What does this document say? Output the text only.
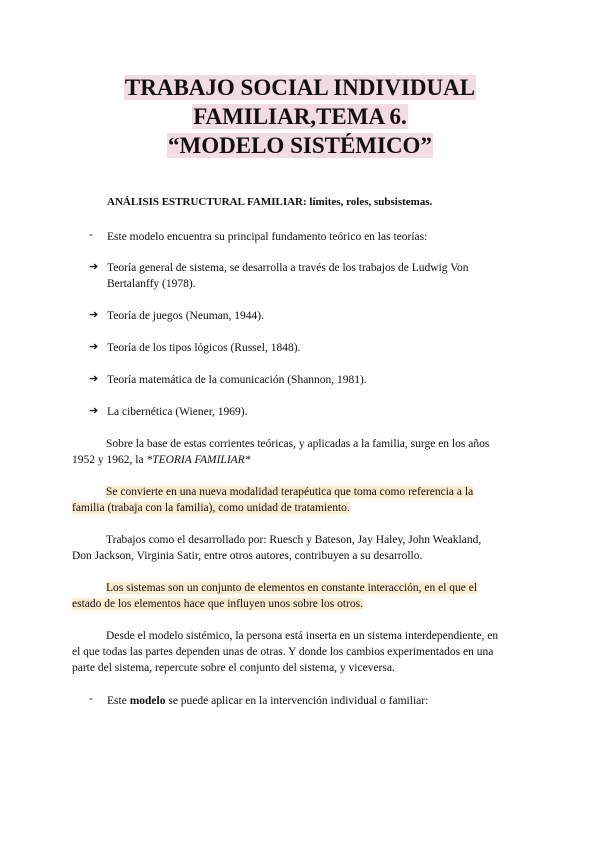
TRABAJO SOCIAL INDIVIDUAL
FAMILIAR,TEMA 6.
“MODELO SISTÉMICO”
ANÁLISIS ESTRUCTURAL FAMILIAR: límites, roles, subsistemas.
- Este modelo encuentra su principal fundamento teórico en las teorías:
➔ Teoría general de sistema, se desarrolla a través de los trabajos de Ludwig Von
Bertalanffy (1978).
➔ Teoría de juegos (Neuman, 1944).
➔ Teoría de los tipos lógicos (Russel, 1848).
➔ Teoría matemática de la comunicación (Shannon, 1981).
➔ La cibernética (Wiener, 1969).
Sobre la base de estas corrientes teóricas, y aplicadas a la familia, surge en los años
1952 y 1962, la *TEORIA FAMILIAR*
Se convierte en una nueva modalidad terapéutica que toma como referencia a la
familia (trabaja con la familia), como unidad de tratamiento.
Trabajos como el desarrollado por: Ruesch y Bateson, Jay Haley, John Weakland,
Don Jackson, Virginia Satir, entre otros autores, contribuyen a su desarrollo.
Los sistemas son un conjunto de elementos en constante interacción, en el que el
estado de los elementos hace que influyen unos sobre los otros.
Desde el modelo sistémico, la persona está inserta en un sistema interdependiente, en
el que todas las partes dependen unas de otras. Y donde los cambios experimentados en una
parte del sistema, repercute sobre el conjunto del sistema, y viceversa.
- Este modelo se puede aplicar en la intervención individual o familiar:
